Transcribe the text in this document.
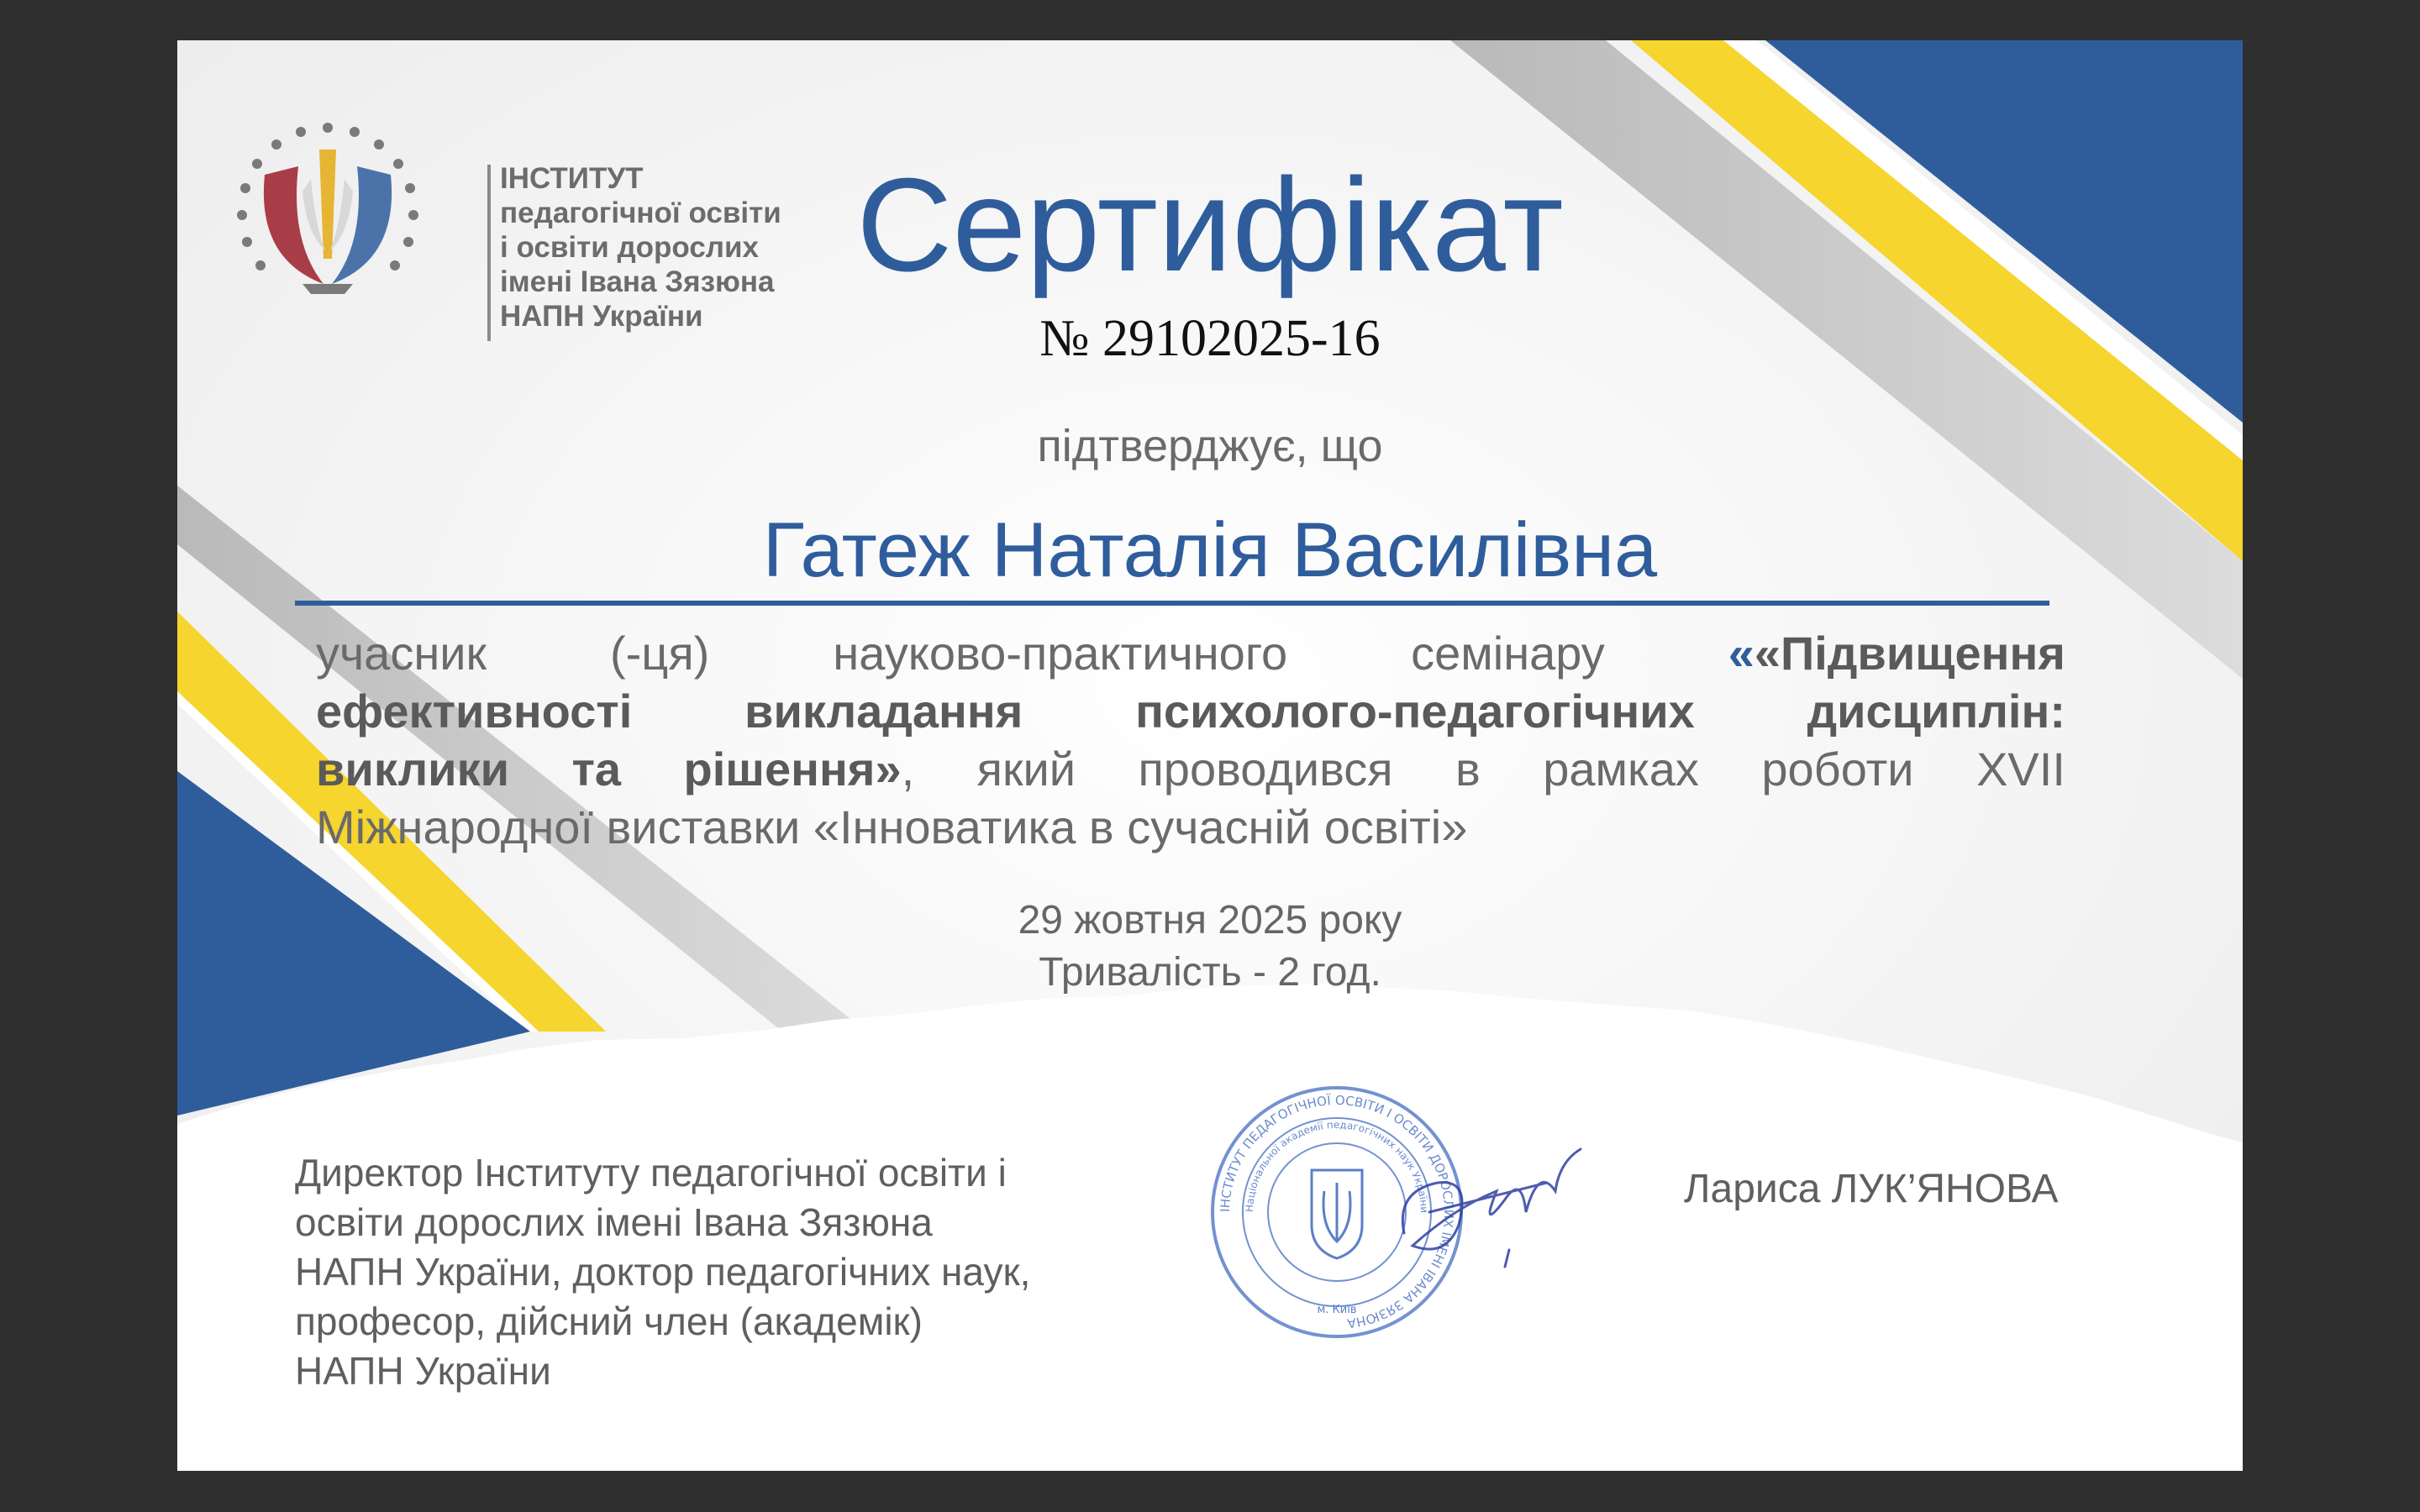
ІНСТИТУТ
педагогічної освіти
і освіти дорослих
імені Івана Зязюна
НАПН України
Сертифікат
№ 29102025-16
підтверджує, що
Гатеж Наталія Василівна
учасник	(-ця)	науково-практичного	семінару	««Підвищення
ефективності викладання психолого-педагогічних дисциплін:
виклики та рішення», який проводився в рамках роботи XVII
Міжнародної виставки «Інноватика в сучасній освіті»
29 жовтня 2025 року
Тривалість - 2 год.
Директор Інституту педагогічної освіти і
освіти дорослих імені Івана Зязюна
НАПН України, доктор педагогічних наук,
професор, дійсний член (академік)
НАПН України
ІНСТИТУТ ПЕДАГОГІЧНОЇ ОСВІТИ І ОСВІТИ ДОРОСЛИХ ІМЕНІ ІВАНА ЗЯЗЮНА
Національної академії педагогічних наук України
м. Київ
Лариса ЛУК’ЯНОВА
